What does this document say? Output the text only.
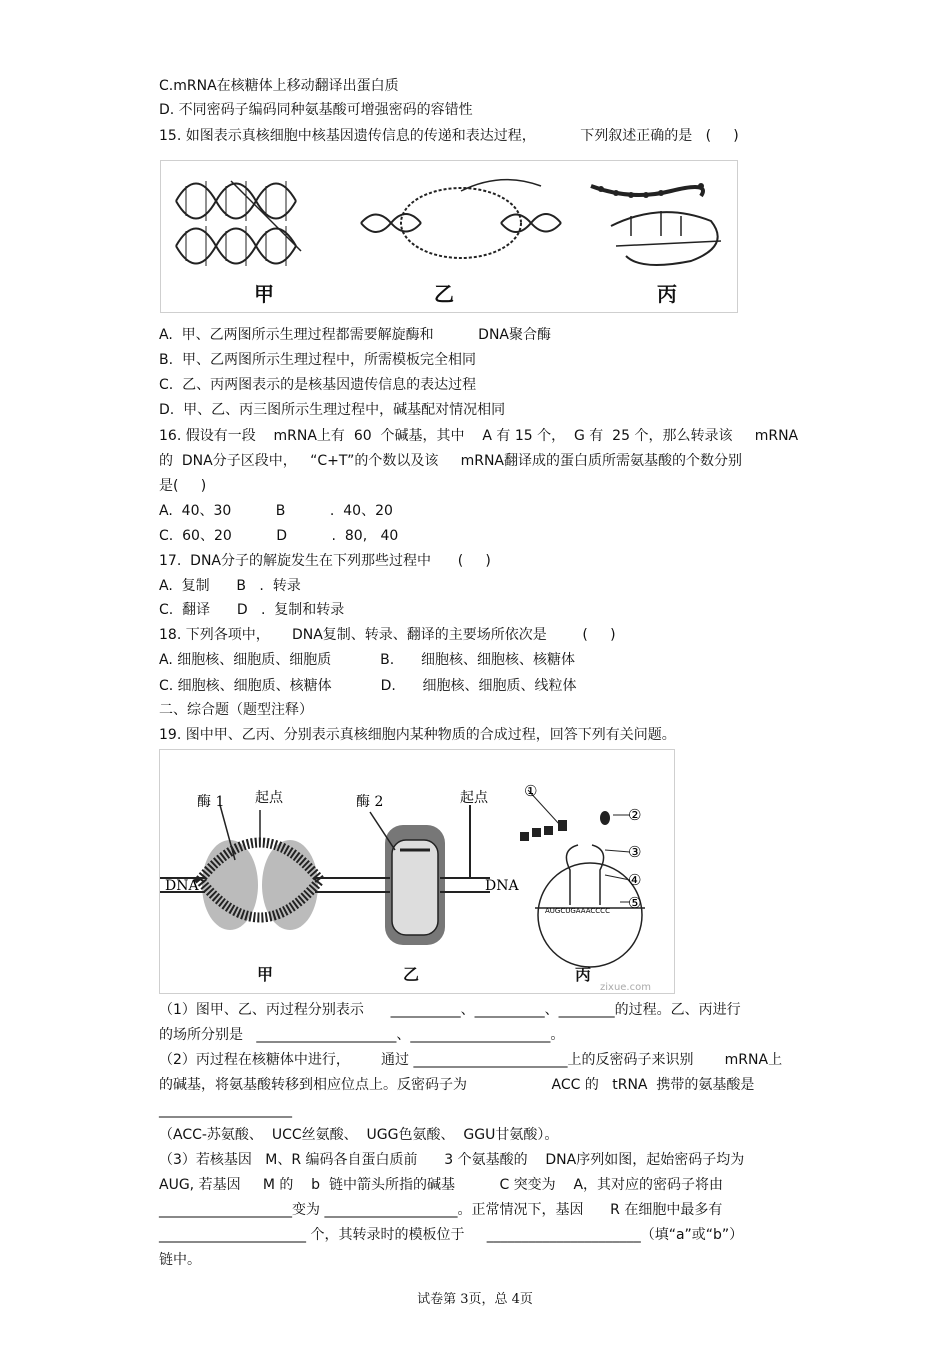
C.mRNA在核糖体上移动翻译出蛋白质
D. 不同密码子编码同种氨基酸可增强密码的容错性
15. 如图表示真核细胞中核基因遗传信息的传递和表达过程，          下列叙述正确的是   (     )
甲	乙	丙
A.  甲、乙两图所示生理过程都需要解旋酶和          DNA聚合酶
B.  甲、乙两图所示生理过程中，所需模板完全相同
C.  乙、丙两图表示的是核基因遗传信息的表达过程
D.  甲、乙、丙三图所示生理过程中，碱基配对情况相同
16. 假设有一段    mRNA上有  60  个碱基，其中    A 有 15 个，  G 有  25 个，那么转录该     mRNA
的  DNA分子区段中，   “C+T”的个数以及该     mRNA翻译成的蛋白质所需氨基酸的个数分别
是(     )
A.  40、30          B          .  40、20
C.  60、20          D          .  80,   40
17.  DNA分子的解旋发生在下列那些过程中      (     )
A.  复制      B   .  转录
C.  翻译      D   .  复制和转录
18. 下列各项中，     DNA复制、转录、翻译的主要场所依次是        (     )
A. 细胞核、细胞质、细胞质           B.      细胞核、细胞核、核糖体
C. 细胞核、细胞质、核糖体           D.      细胞核、细胞质、线粒体
二、综合题（题型注释）
19. 图中甲、乙丙、分别表示真核细胞内某种物质的合成过程，回答下列有关问题。
酶 1 起点
DNA
酶 2	起点
DNA
①
②
③
④
⑤
AUGCUGAAACCCC
zixue.com
甲	乙	丙
（1）图甲、乙、丙过程分别表示      __________、__________、________的过程。乙、丙进行
的场所分别是   ____________________、____________________。
（2）丙过程在核糖体中进行，       通过 ______________________上的反密码子来识别       mRNA上
的碱基，将氨基酸转移到相应位点上。反密码子为                   ACC 的   tRNA  携带的氨基酸是
___________________
（ACC-苏氨酸、  UCC丝氨酸、  UGG色氨酸、  GGU甘氨酸）。
（3）若核基因   M、R 编码各自蛋白质前      3 个氨基酸的    DNA序列如图，起始密码子均为
AUG, 若基因     M 的    b  链中箭头所指的碱基          C 突变为    A，其对应的密码子将由
___________________变为 ___________________。正常情况下，基因      R 在细胞中最多有
_____________________ 个，其转录时的模板位于     ______________________（填“a”或“b”）
链中。
试卷第 3页，总 4页
